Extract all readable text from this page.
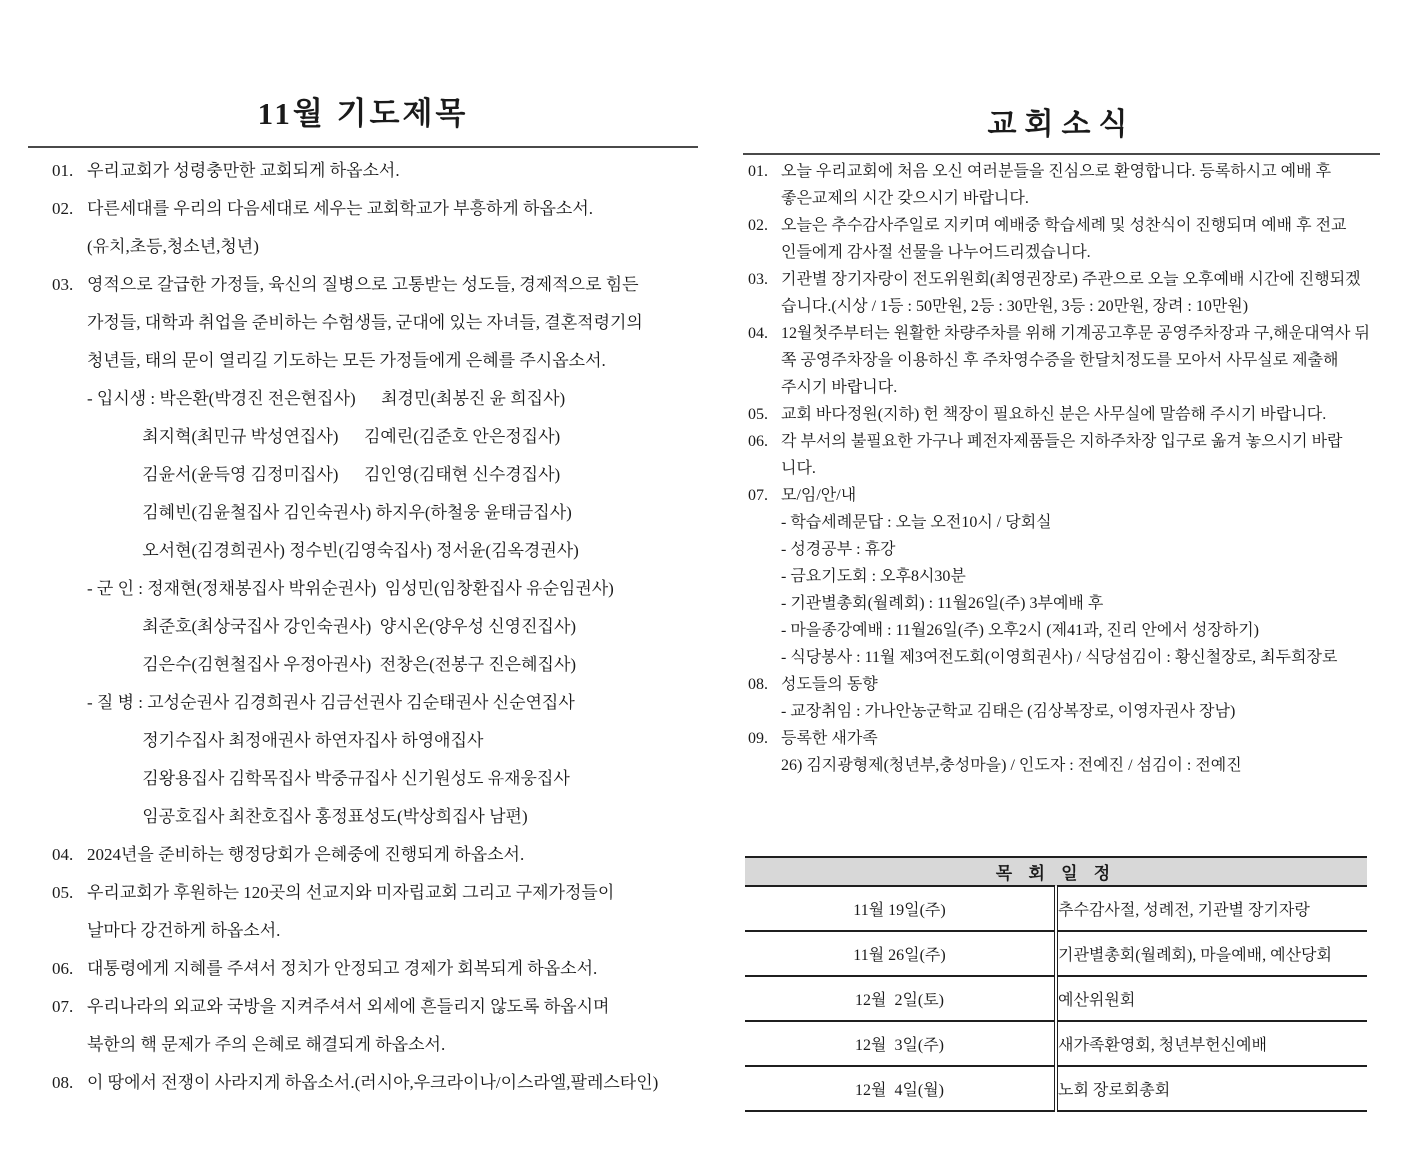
11월 기도제목
01. 우리교회가 성령충만한 교회되게 하옵소서.
02. 다른세대를 우리의 다음세대로 세우는 교회학교가 부흥하게 하옵소서.
(유치,초등,청소년,청년)
03. 영적으로 갈급한 가정들, 육신의 질병으로 고통받는 성도들, 경제적으로 힘든
가정들, 대학과 취업을 준비하는 수험생들, 군대에 있는 자녀들, 결혼적령기의
청년들, 태의 문이 열리길 기도하는 모든 가정들에게 은혜를 주시옵소서.
- 입시생 : 박은환(박경진 전은현집사)      최경민(최봉진 윤 희집사)
최지혁(최민규 박성연집사)      김예린(김준호 안은정집사)
김윤서(윤득영 김정미집사)      김인영(김태현 신수경집사)
김혜빈(김윤철집사 김인숙권사) 하지우(하철웅 윤태금집사)
오서현(김경희권사) 정수빈(김영숙집사) 정서윤(김옥경권사)
- 군 인 : 정재현(정채봉집사 박위순권사)  임성민(임창환집사 유순임권사)
최준호(최상국집사 강인숙권사)  양시온(양우성 신영진집사)
김은수(김현철집사 우정아권사)  전창은(전봉구 진은혜집사)
- 질 병 : 고성순권사 김경희권사 김금선권사 김순태권사 신순연집사
정기수집사 최정애권사 하연자집사 하영애집사
김왕용집사 김학목집사 박중규집사 신기원성도 유재웅집사
임공호집사 최찬호집사 홍정표성도(박상희집사 남편)
04. 2024년을 준비하는 행정당회가 은혜중에 진행되게 하옵소서.
05. 우리교회가 후원하는 120곳의 선교지와 미자립교회 그리고 구제가정들이
날마다 강건하게 하옵소서.
06. 대통령에게 지혜를 주셔서 정치가 안정되고 경제가 회복되게 하옵소서.
07. 우리나라의 외교와 국방을 지켜주셔서 외세에 흔들리지 않도록 하옵시며
북한의 핵 문제가 주의 은혜로 해결되게 하옵소서.
08. 이 땅에서 전쟁이 사라지게 하옵소서.(러시아,우크라이나/이스라엘,팔레스타인)
교회소식
01. 오늘 우리교회에 처음 오신 여러분들을 진심으로 환영합니다. 등록하시고 예배 후
좋은교제의 시간 갖으시기 바랍니다.
02. 오늘은 추수감사주일로 지키며 예배중 학습세례 및 성찬식이 진행되며 예배 후 전교
인들에게 감사절 선물을 나누어드리겠습니다.
03. 기관별 장기자랑이 전도위원회(최영권장로) 주관으로 오늘 오후예배 시간에 진행되겠
습니다.(시상 / 1등 : 50만원, 2등 : 30만원, 3등 : 20만원, 장려 : 10만원)
04. 12월첫주부터는 원활한 차량주차를 위해 기계공고후문 공영주차장과 구,해운대역사 뒤
쪽 공영주차장을 이용하신 후 주차영수증을 한달치정도를 모아서 사무실로 제출해
주시기 바랍니다.
05. 교회 바다정원(지하) 헌 책장이 필요하신 분은 사무실에 말씀해 주시기 바랍니다.
06. 각 부서의 불필요한 가구나 폐전자제품들은 지하주차장 입구로 옮겨 놓으시기 바랍
니다.
07. 모/임/안/내
- 학습세례문답 : 오늘 오전10시 / 당회실
- 성경공부 : 휴강
- 금요기도회 : 오후8시30분
- 기관별총회(월례회) : 11월26일(주) 3부예배 후
- 마을종강예배 : 11월26일(주) 오후2시 (제41과, 진리 안에서 성장하기)
- 식당봉사 : 11월 제3여전도회(이영희권사) / 식당섬김이 : 황신철장로, 최두희장로
08. 성도들의 동향
- 교장취임 : 가나안농군학교 김태은 (김상복장로, 이영자권사 장남)
09. 등록한 새가족
26) 김지광형제(청년부,충성마을) / 인도자 : 전예진 / 섬김이 : 전예진
목 회 일 정	
11월 19일(주)	추수감사절, 성례전, 기관별 장기자랑
11월 26일(주)	기관별총회(월례회), 마을예배, 예산당회
12월  2일(토)	예산위원회
12월  3일(주)	새가족환영회, 청년부헌신예배
12월  4일(월)	노회 장로회총회
